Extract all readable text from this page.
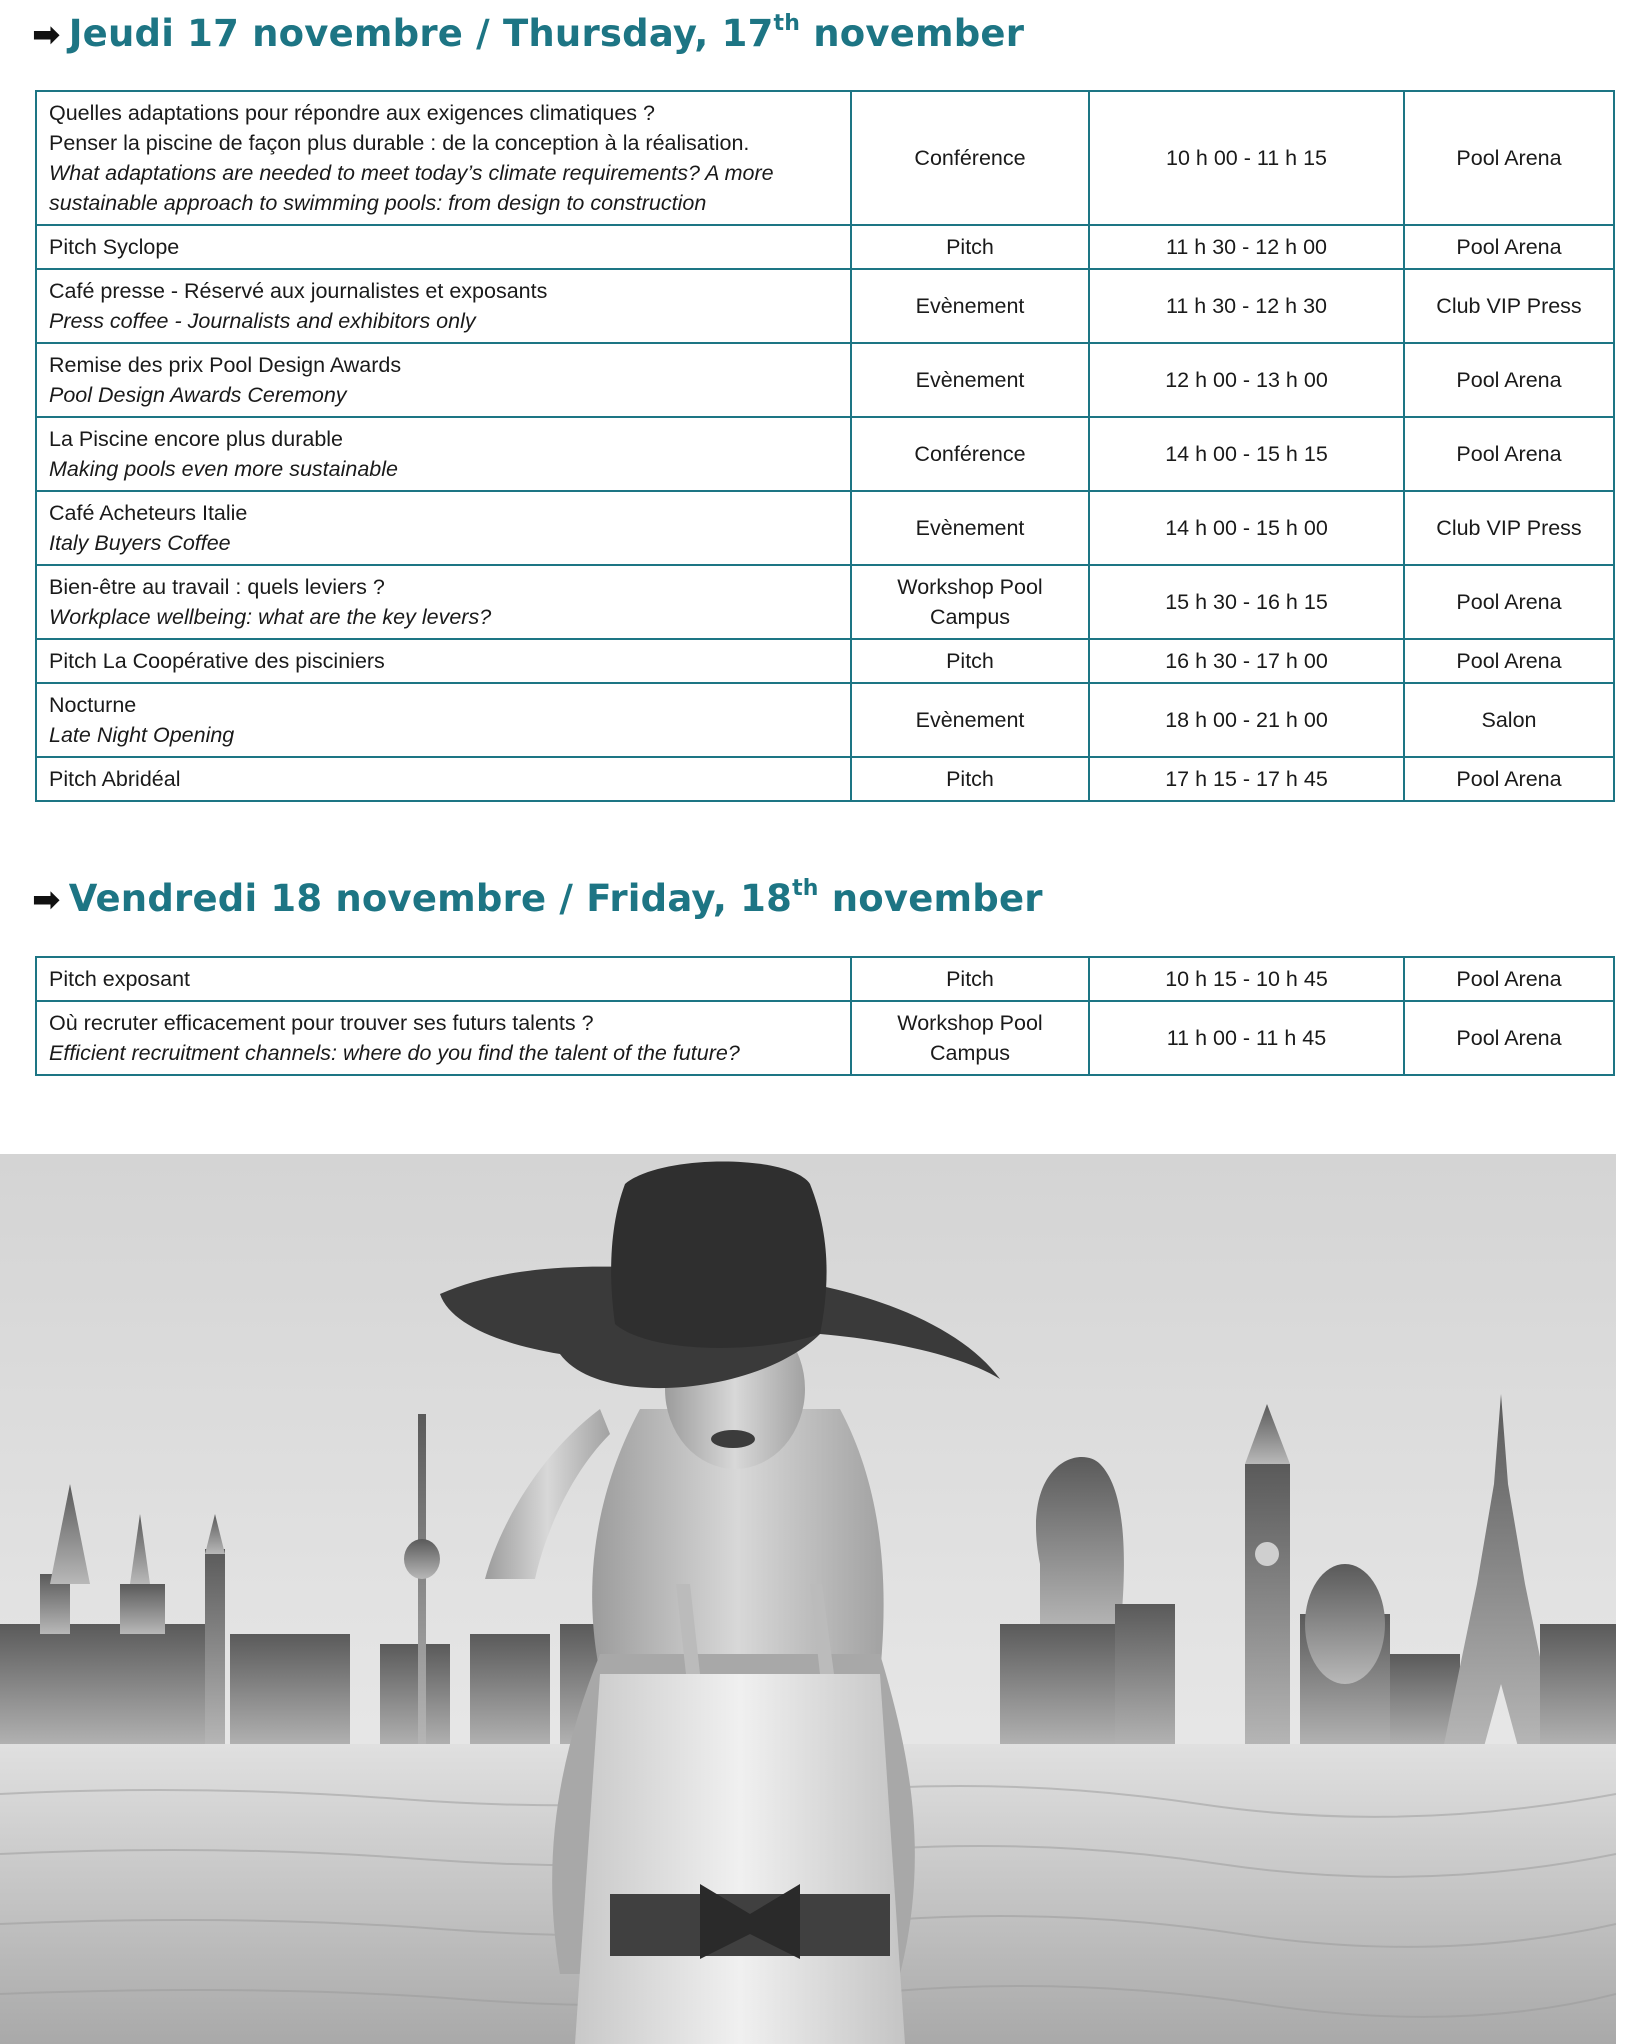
➡ Jeudi 17 novembre / Thursday, 17th november
Quelles adaptations pour répondre aux exigences climatiques ?
Penser la piscine de façon plus durable : de la conception à la réalisation.
What adaptations are needed to meet today’s climate requirements? A more sustainable approach to swimming pools: from design to construction	Conférence	10 h 00 - 11 h 15	Pool Arena

Pitch Syclope	Pitch	11 h 30 - 12 h 00	Pool Arena

Café presse - Réservé aux journalistes et exposants
Press coffee - Journalists and exhibitors only	Evènement	11 h 30 - 12 h 30	Club VIP Press

Remise des prix Pool Design Awards
Pool Design Awards Ceremony	Evènement	12 h 00 - 13 h 00	Pool Arena

La Piscine encore plus durable
Making pools even more sustainable	Conférence	14 h 00 - 15 h 15	Pool Arena

Café Acheteurs Italie
Italy Buyers Coffee	Evènement	14 h 00 - 15 h 00	Club VIP Press

Bien-être au travail : quels leviers ?
Workplace wellbeing: what are the key levers?	Workshop Pool Campus	15 h 30 - 16 h 15	Pool Arena

Pitch La Coopérative des pisciniers	Pitch	16 h 30 - 17 h 00	Pool Arena

Nocturne
Late Night Opening	Evènement	18 h 00 - 21 h 00	Salon

Pitch Abridéal	Pitch	17 h 15 - 17 h 45	Pool Arena
➡ Vendredi 18 novembre / Friday, 18th november
Pitch exposant	Pitch	10 h 15 - 10 h 45	Pool Arena

Où recruter efficacement pour trouver ses futurs talents ?
Efficient recruitment channels: where do you find the talent of the future?	Workshop Pool Campus	11 h 00 - 11 h 45	Pool Arena
